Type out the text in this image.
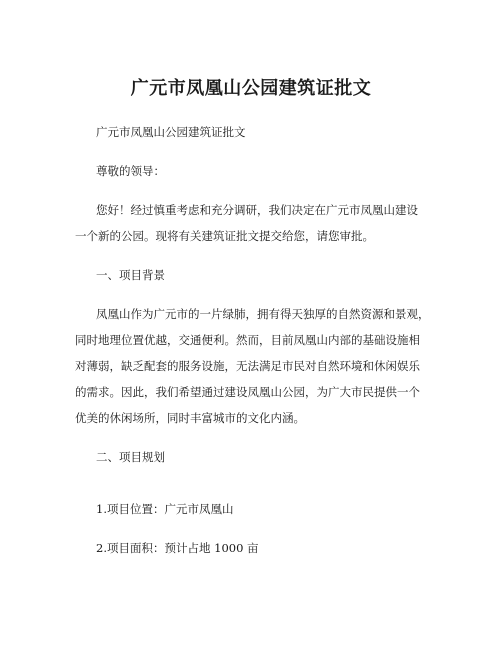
广元市凤凰山公园建筑证批文
广元市凤凰山公园建筑证批文
尊敬的领导：
您好！经过慎重考虑和充分调研，我们决定在广元市凤凰山建设
一个新的公园。现将有关建筑证批文提交给您，请您审批。
一、项目背景
凤凰山作为广元市的一片绿肺，拥有得天独厚的自然资源和景观，
同时地理位置优越，交通便利。然而，目前凤凰山内部的基础设施相
对薄弱，缺乏配套的服务设施，无法满足市民对自然环境和休闲娱乐
的需求。因此，我们希望通过建设凤凰山公园，为广大市民提供一个
优美的休闲场所，同时丰富城市的文化内涵。
二、项目规划
1.项目位置：广元市凤凰山
2.项目面积：预计占地 1000 亩
